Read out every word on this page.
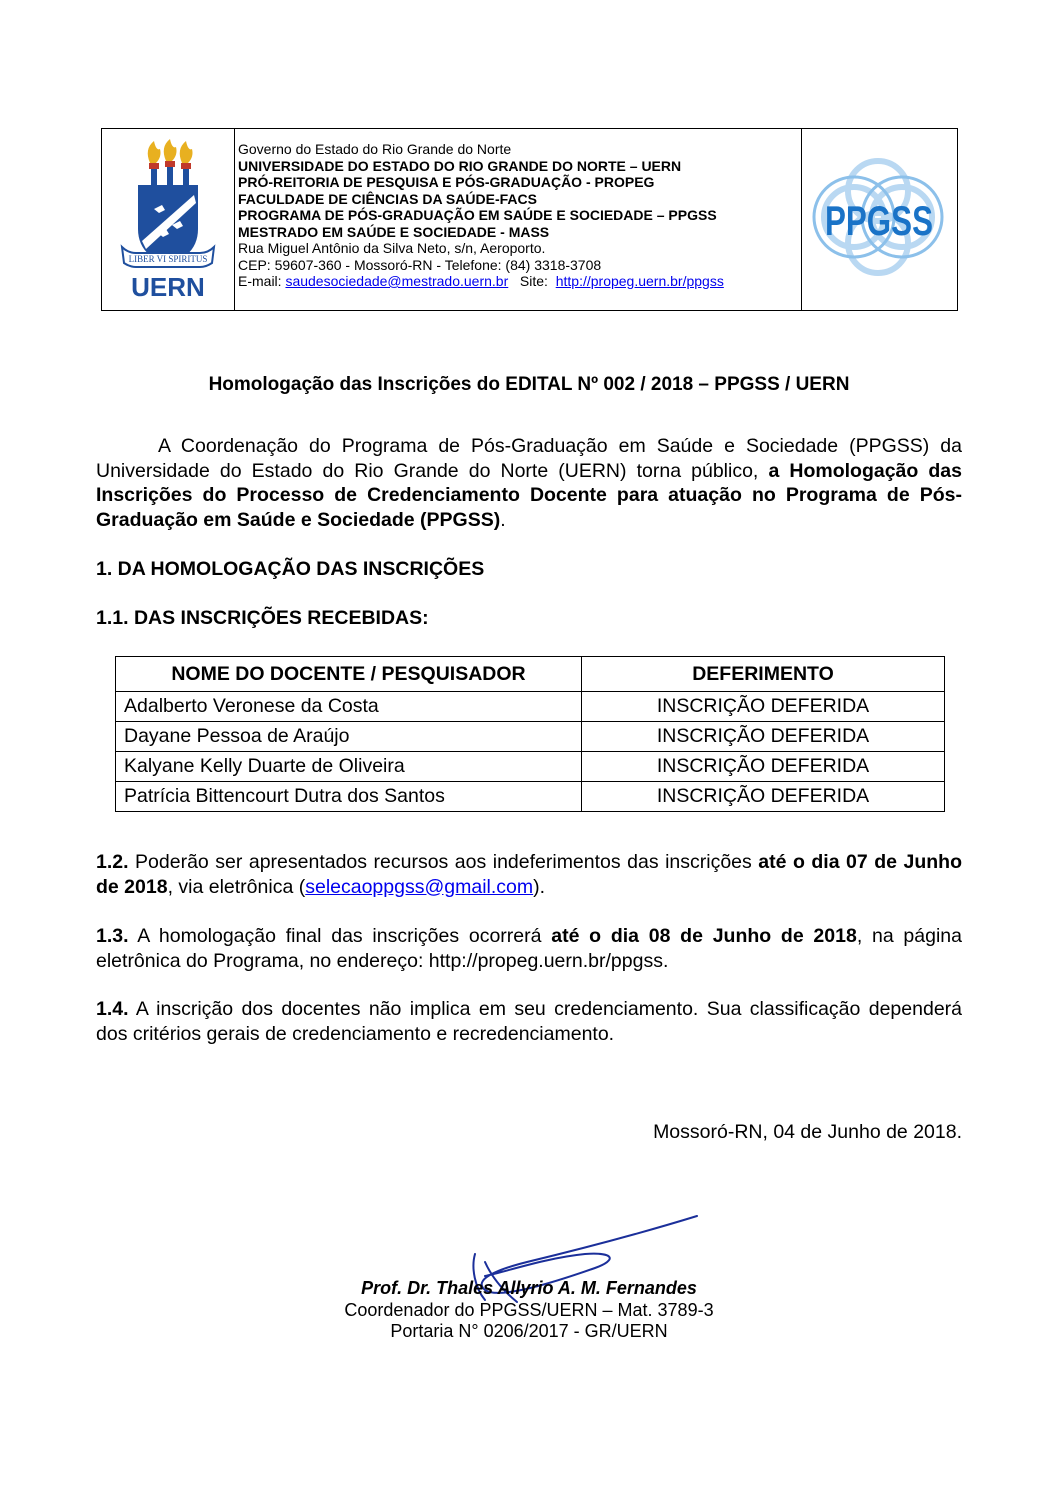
LIBER VI SPIRITUS
UERN
Governo do Estado do Rio Grande do Norte
UNIVERSIDADE DO ESTADO DO RIO GRANDE DO NORTE – UERN
PRÓ-REITORIA DE PESQUISA E PÓS-GRADUAÇÃO - PROPEG
FACULDADE DE CIÊNCIAS DA SAÚDE-FACS
PROGRAMA DE PÓS-GRADUAÇÃO EM SAÚDE E SOCIEDADE – PPGSS
MESTRADO EM SAÚDE E SOCIEDADE - MASS
Rua Miguel Antônio da Silva Neto, s/n, Aeroporto.
CEP: 59607-360 - Mossoró-RN - Telefone: (84) 3318-3708
E-mail: saudesociedade@mestrado.uern.br Site:  http://propeg.uern.br/ppgss
PPGSS
Homologação das Inscrições do EDITAL Nº 002 / 2018 – PPGSS / UERN
A Coordenação do Programa de Pós-Graduação em Saúde e Sociedade (PPGSS) da Universidade do Estado do Rio Grande do Norte (UERN) torna público, a Homologação das Inscrições do Processo de Credenciamento Docente para atuação no Programa de Pós-Graduação em Saúde e Sociedade (PPGSS).
1. DA HOMOLOGAÇÃO DAS INSCRIÇÕES
1.1. DAS INSCRIÇÕES RECEBIDAS:
NOME DO DOCENTE / PESQUISADOR	DEFERIMENTO
Adalberto Veronese da Costa	INSCRIÇÃO DEFERIDA
Dayane Pessoa de Araújo	INSCRIÇÃO DEFERIDA
Kalyane Kelly Duarte de Oliveira	INSCRIÇÃO DEFERIDA
Patrícia Bittencourt Dutra dos Santos	INSCRIÇÃO DEFERIDA
1.2. Poderão ser apresentados recursos aos indeferimentos das inscrições até o dia 07 de Junho de 2018, via eletrônica (selecaoppgss@gmail.com).
1.3. A homologação final das inscrições ocorrerá até o dia 08 de Junho de 2018, na página eletrônica do Programa, no endereço: http://propeg.uern.br/ppgss.
1.4. A inscrição dos docentes não implica em seu credenciamento. Sua classificação dependerá dos critérios gerais de credenciamento e recredenciamento.
Mossoró-RN, 04 de Junho de 2018.
Prof. Dr. Thales Allyrio A. M. Fernandes
Coordenador do PPGSS/UERN – Mat. 3789-3
Portaria N° 0206/2017 - GR/UERN
